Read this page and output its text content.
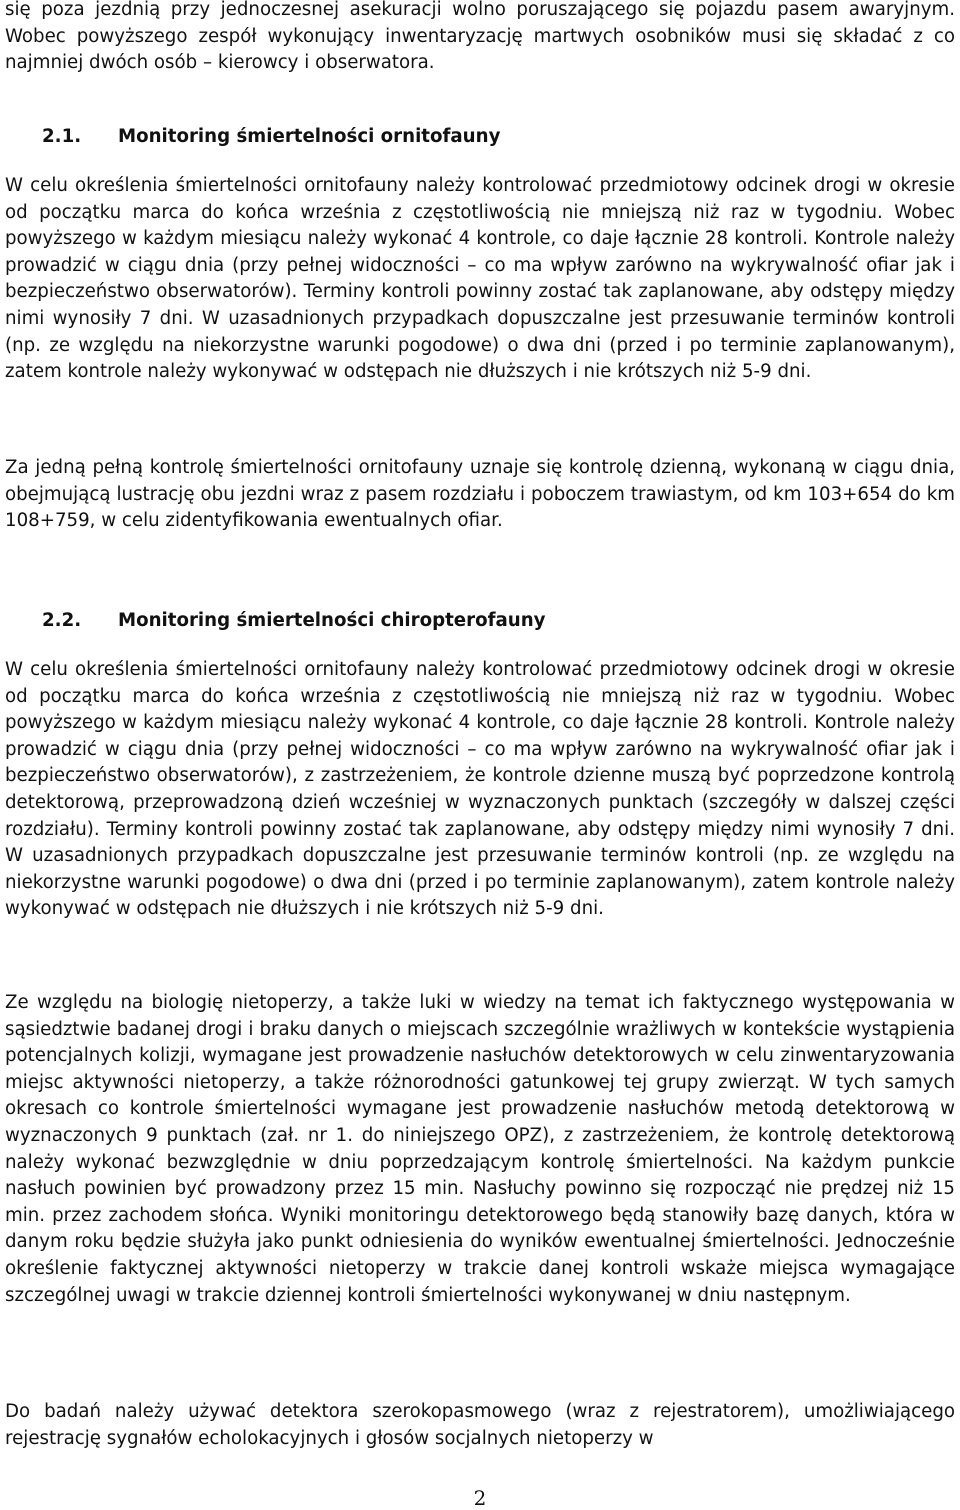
się poza jezdnią przy jednoczesnej asekuracji wolno poruszającego się pojazdu pasem awaryjnym. Wobec powyższego zespół wykonujący inwentaryzację martwych osobników musi się składać z co najmniej dwóch osób – kierowcy i obserwatora.

2.1. Monitoring śmiertelności ornitofauny

W celu określenia śmiertelności ornitofauny należy kontrolować przedmiotowy odcinek drogi w okresie od początku marca do końca września z częstotliwością nie mniejszą niż raz w tygodniu. Wobec powyższego w każdym miesiącu należy wykonać 4 kontrole, co daje łącznie 28 kontroli. Kontrole należy prowadzić w ciągu dnia (przy pełnej widoczności – co ma wpływ zarówno na wykrywalność ofiar jak i bezpieczeństwo obserwatorów). Terminy kontroli powinny zostać tak zaplanowane, aby odstępy między nimi wynosiły 7 dni. W uzasadnionych przypadkach dopuszczalne jest przesuwanie terminów kontroli (np. ze względu na niekorzystne warunki pogodowe) o dwa dni (przed i po terminie zaplanowanym), zatem kontrole należy wykonywać w odstępach nie dłuższych i nie krótszych niż 5-9 dni.

Za jedną pełną kontrolę śmiertelności ornitofauny uznaje się kontrolę dzienną, wykonaną w ciągu dnia, obejmującą lustrację obu jezdni wraz z pasem rozdziału i poboczem trawiastym, od km 103+654 do km 108+759, w celu zidentyfikowania ewentualnych ofiar.

2.2. Monitoring śmiertelności chiropterofauny

W celu określenia śmiertelności ornitofauny należy kontrolować przedmiotowy odcinek drogi w okresie od początku marca do końca września z częstotliwością nie mniejszą niż raz w tygodniu. Wobec powyższego w każdym miesiącu należy wykonać 4 kontrole, co daje łącznie 28 kontroli. Kontrole należy prowadzić w ciągu dnia (przy pełnej widoczności – co ma wpływ zarówno na wykrywalność ofiar jak i bezpieczeństwo obserwatorów), z zastrzeżeniem, że kontrole dzienne muszą być poprzedzone kontrolą detektorową, przeprowadzoną dzień wcześniej w wyznaczonych punktach (szczegóły w dalszej części rozdziału). Terminy kontroli powinny zostać tak zaplanowane, aby odstępy między nimi wynosiły 7 dni. W uzasadnionych przypadkach dopuszczalne jest przesuwanie terminów kontroli (np. ze względu na niekorzystne warunki pogodowe) o dwa dni (przed i po terminie zaplanowanym), zatem kontrole należy wykonywać w odstępach nie dłuższych i nie krótszych niż 5-9 dni.

Ze względu na biologię nietoperzy, a także luki w wiedzy na temat ich faktycznego występowania w sąsiedztwie badanej drogi i braku danych o miejscach szczególnie wrażliwych w kontekście wystąpienia potencjalnych kolizji, wymagane jest prowadzenie nasłuchów detektorowych w celu zinwentaryzowania miejsc aktywności nietoperzy, a także różnorodności gatunkowej tej grupy zwierząt. W tych samych okresach co kontrole śmiertelności wymagane jest prowadzenie nasłuchów metodą detektorową w wyznaczonych 9 punktach (zał. nr 1. do niniejszego OPZ), z zastrzeżeniem, że kontrolę detektorową należy wykonać bezwzględnie w dniu poprzedzającym kontrolę śmiertelności. Na każdym punkcie nasłuch powinien być prowadzony przez 15 min. Nasłuchy powinno się rozpocząć nie prędzej niż 15 min. przez zachodem słońca. Wyniki monitoringu detektorowego będą stanowiły bazę danych, która w danym roku będzie służyła jako punkt odniesienia do wyników ewentualnej śmiertelności. Jednocześnie określenie faktycznej aktywności nietoperzy w trakcie danej kontroli wskaże miejsca wymagające szczególnej uwagi w trakcie dziennej kontroli śmiertelności wykonywanej w dniu następnym.

Do badań należy używać detektora szerokopasmowego (wraz z rejestratorem), umożliwiającego rejestrację sygnałów echolokacyjnych i głosów socjalnych nietoperzy w

2
